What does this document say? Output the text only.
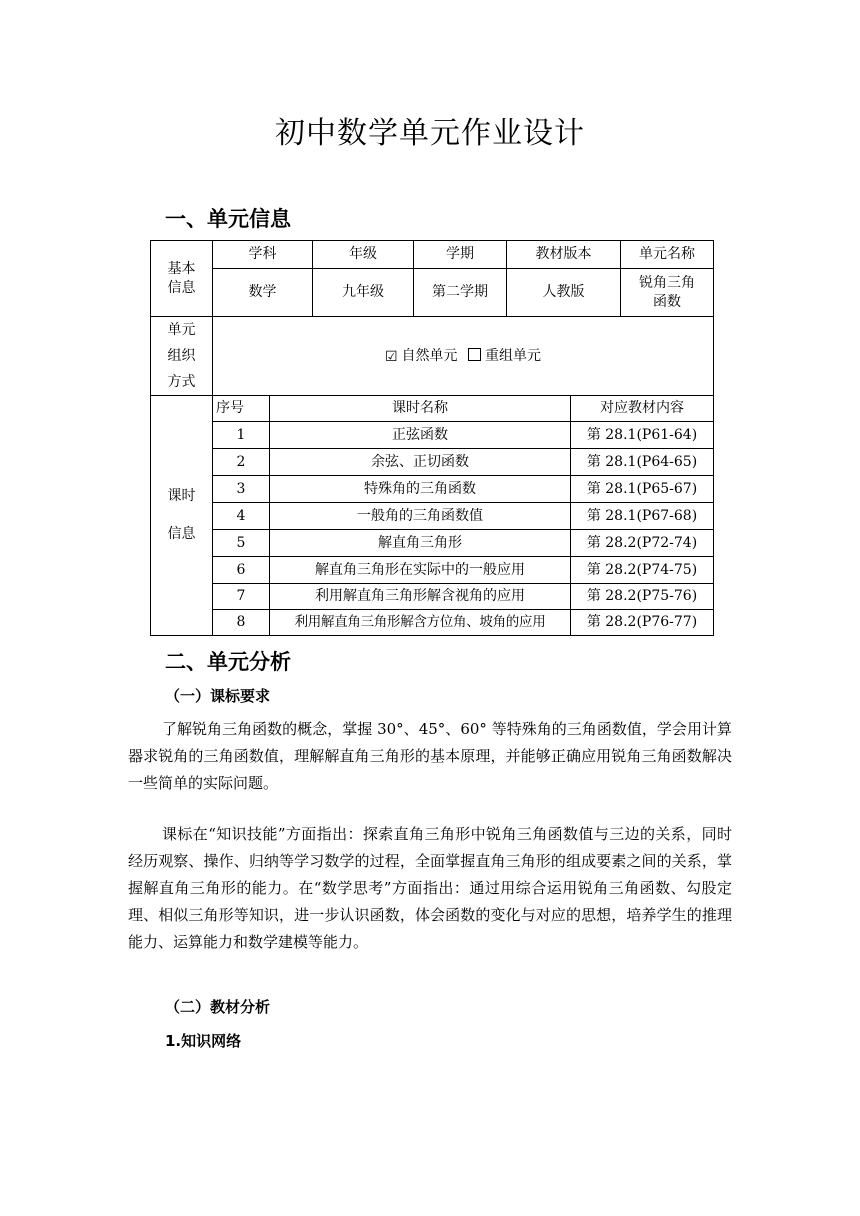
初中数学单元作业设计
一、单元信息
基本
信息	学科		年级	学期	教材版本		单元名称
	数学		九年级	第二学期	人教版		锐角三角
函数
单元
组织
方式	☑ 自然单元 重组单元						
课时

信息	序号	课时名称				对应教材内容	
	1	正弦函数				第 28.1(P61-64)	
	2	余弦、正切函数				第 28.1(P64-65)	
	3	特殊角的三角函数				第 28.1(P65-67)	
	4	一般角的三角函数值				第 28.1(P67-68)	
	5	解直角三角形				第 28.2(P72-74)	
	6	解直角三角形在实际中的一般应用				第 28.2(P74-75)	
	7	利用解直角三角形解含视角的应用				第 28.2(P75-76)	
	8	利用解直角三角形解含方位角、坡角的应用				第 28.2(P76-77)	
二、单元分析
（一）课标要求
了解锐角三角函数的概念，掌握 30°、45°、60° 等特殊角的三角函数值，学会用计算器求锐角的三角函数值，理解解直角三角形的基本原理，并能够正确应用锐角三角函数解决一些简单的实际问题。
课标在“知识技能”方面指出：探索直角三角形中锐角三角函数值与三边的关系，同时经历观察、操作、归纳等学习数学的过程，全面掌握直角三角形的组成要素之间的关系，掌握解直角三角形的能力。在“数学思考”方面指出：通过用综合运用锐角三角函数、勾股定理、相似三角形等知识，进一步认识函数，体会函数的变化与对应的思想，培养学生的推理能力、运算能力和数学建模等能力。
（二）教材分析
1.知识网络
